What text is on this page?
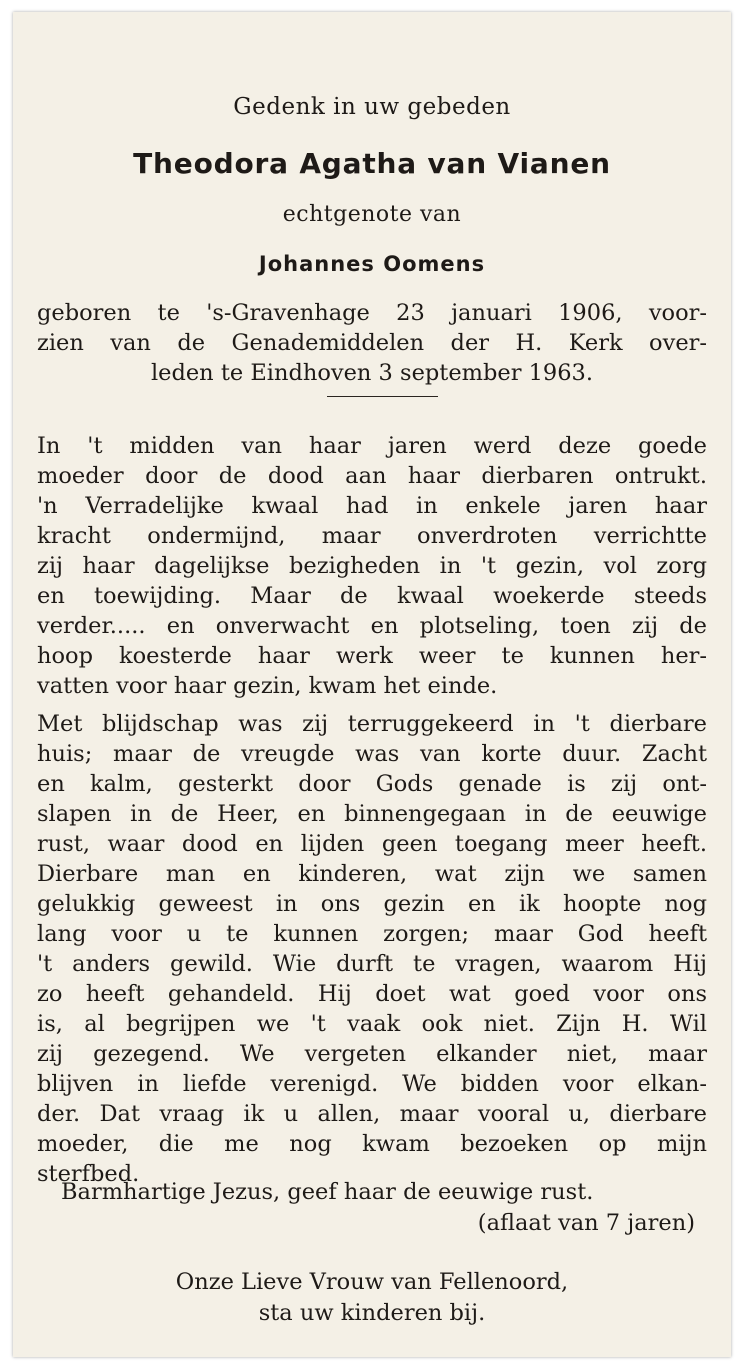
Gedenk in uw gebeden
Theodora Agatha van Vianen
echtgenote van
Johannes Oomens
geboren te 's-Gravenhage 23 januari 1906, voor-
zien van de Genademiddelen der H. Kerk over-
leden te Eindhoven 3 september 1963.
In 't midden van haar jaren werd deze goede
moeder door de dood aan haar dierbaren ontrukt.
'n Verradelijke kwaal had in enkele jaren haar
kracht ondermijnd, maar onverdroten verrichtte
zij haar dagelijkse bezigheden in 't gezin, vol zorg
en toewijding. Maar de kwaal woekerde steeds
verder..... en onverwacht en plotseling, toen zij de
hoop koesterde haar werk weer te kunnen her-
vatten voor haar gezin, kwam het einde.
Met blijdschap was zij terruggekeerd in 't dierbare
huis; maar de vreugde was van korte duur. Zacht
en kalm, gesterkt door Gods genade is zij ont-
slapen in de Heer, en binnengegaan in de eeuwige
rust, waar dood en lijden geen toegang meer heeft.
Dierbare man en kinderen, wat zijn we samen
gelukkig geweest in ons gezin en ik hoopte nog
lang voor u te kunnen zorgen; maar God heeft
't anders gewild. Wie durft te vragen, waarom Hij
zo heeft gehandeld. Hij doet wat goed voor ons
is, al begrijpen we 't vaak ook niet. Zijn H. Wil
zij gezegend. We vergeten elkander niet, maar
blijven in liefde verenigd. We bidden voor elkan-
der. Dat vraag ik u allen, maar vooral u, dierbare
moeder, die me nog kwam bezoeken op mijn
sterfbed.
Barmhartige Jezus, geef haar de eeuwige rust.
(aflaat van 7 jaren)
Onze Lieve Vrouw van Fellenoord,
sta uw kinderen bij.
